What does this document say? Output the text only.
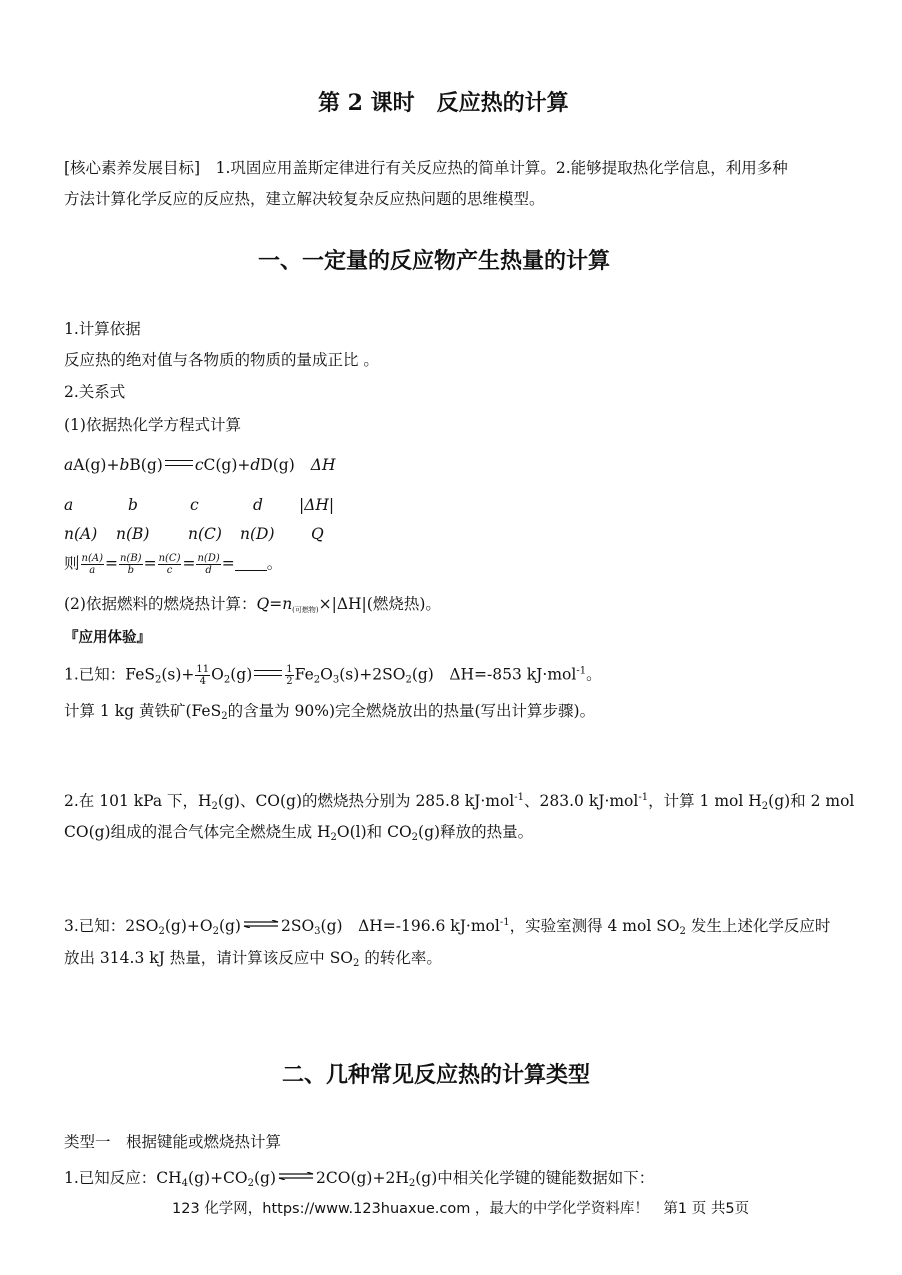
第 2 课时　反应热的计算
[核心素养发展目标]　 1.巩固应用盖斯定律进行有关反应热的简单计算。2.能够提取热化学信息，利用多种
方法计算化学反应的反应热，建立解决较复杂反应热问题的思维模型。
一、一定量的反应物产生热量的计算
1.计算依据
反应热的绝对值与各物质的物质的量成正比 。
2.关系式
(1)依据热化学方程式计算
aA(g)+bB(g) cC(g)+dD(g) ΔH
a	b	c	d |ΔH|
n(A) n(B) n(C) n(D) Q
则 $\frac{n(A)}{a} = \frac{n(B)}{b} = \frac{n(C)}{c} = \frac{n(D)}{d}$ = 。
(2)依据燃料的燃烧热计算：$Q=n_{(可燃物)}\times|\Delta H|$(燃烧热)。
『应用体验』
1.已知：$FeS_2(s)+ \frac{11}{4} O_2(g)$	$\frac{1}{2} Fe_2O_3(s)+2SO_2(g)$　ΔH=-853 kJ·mol$^{-1}$。
计算 1 kg 黄铁矿(FeS$_2$的含量为 90%)完全燃烧放出的热量(写出计算步骤)。
2.在 101 kPa 下，$H_2(g)$、CO(g)的燃烧热分别为 285.8 kJ·mol$^{-1}$、283.0 kJ·mol$^{-1}$，计算 1 mol $H_2(g)$和 2 mol
CO(g)组成的混合气体完全燃烧生成 $H_2O(l)$和 $CO_2(g)$释放的热量。
3.已知：$2SO_2(g)+O_2(g)$ ⇌ $2SO_3(g)$　ΔH=-196.6 kJ·mol$^{-1}$，实验室测得 4 mol $SO_2$ 发生上述化学反应时
放出 314.3 kJ 热量，请计算该反应中 $SO_2$ 的转化率。
二、几种常见反应热的计算类型
类型一　根据键能或燃烧热计算
1.已知反应：$CH_4(g)+CO_2(g)$ ⇌ $2CO(g)+2H_2(g)$中相关化学键的键能数据如下：
123 化学网，https://www.123huaxue.com ，最大的中学化学资料库！　第1 页 共5页
